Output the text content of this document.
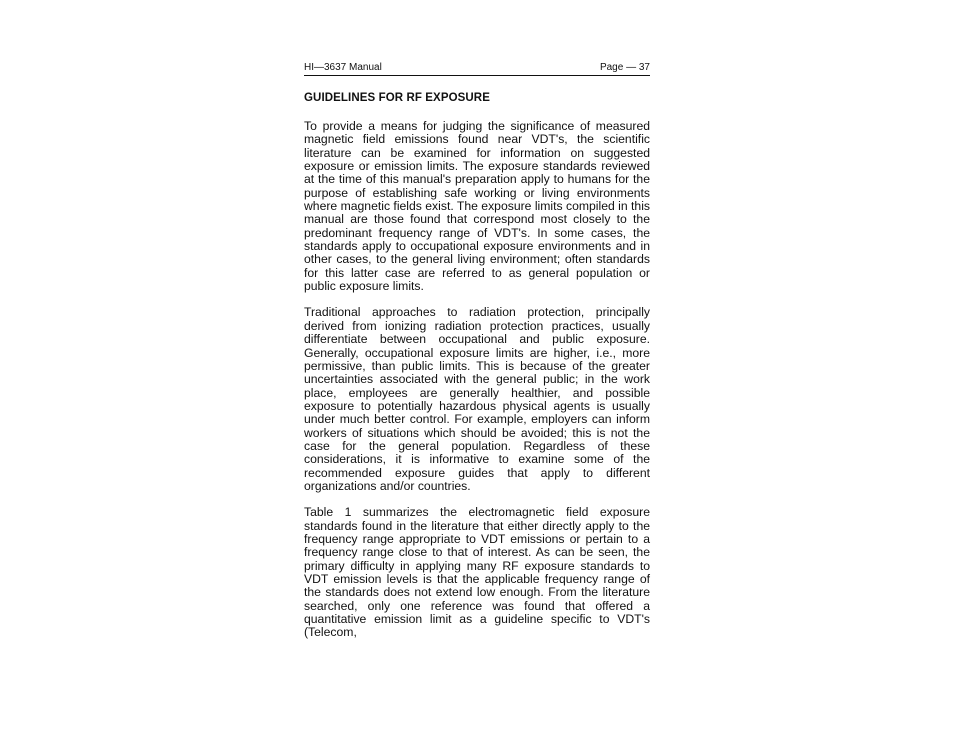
HI—3637 Manual	Page — 37
GUIDELINES FOR RF EXPOSURE

To provide a means for judging the significance of measured magnetic field emissions found near VDT's, the scientific literature can be examined for information on suggested exposure or emission limits. The exposure standards reviewed at the time of this manual's preparation apply to humans for the purpose of establishing safe working or living environments where magnetic fields exist. The exposure limits compiled in this manual are those found that correspond most closely to the predominant frequency range of VDT's. In some cases, the standards apply to occupational exposure environments and in other cases, to the general living environment; often standards for this latter case are referred to as general population or public exposure limits.

Traditional approaches to radiation protection, principally derived from ionizing radiation protection practices, usually differentiate between occupational and public exposure. Generally, occupational exposure limits are higher, i.e., more permissive, than public limits. This is because of the greater uncertainties associated with the general public; in the work place, employees are generally healthier, and possible exposure to potentially hazardous physical agents is usually under much better control. For example, employers can inform workers of situations which should be avoided; this is not the case for the general population. Regardless of these considerations, it is informative to examine some of the recommended exposure guides that apply to different organizations and/or countries.

Table 1 summarizes the electromagnetic field exposure standards found in the literature that either directly apply to the frequency range appropriate to VDT emissions or pertain to a frequency range close to that of interest. As can be seen, the primary difficulty in applying many RF exposure standards to VDT emission levels is that the applicable frequency range of the standards does not extend low enough. From the literature searched, only one reference was found that offered a quantitative emission limit as a guideline specific to VDT's (Telecom,
